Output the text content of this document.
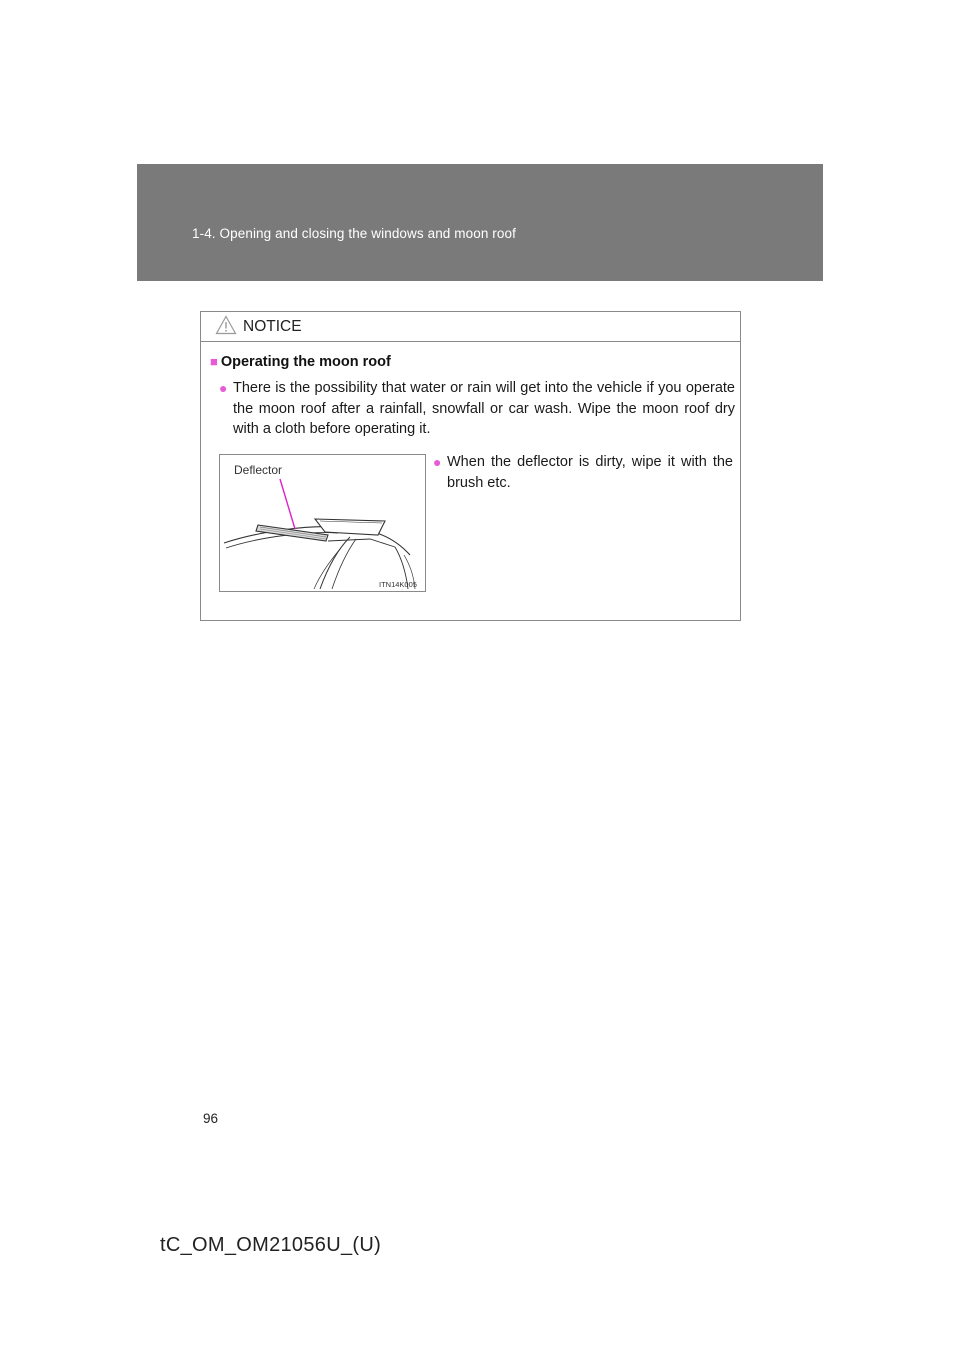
1-4. Opening and closing the windows and moon roof
NOTICE
■ Operating the moon roof
● There is the possibility that water or rain will get into the vehicle if you operate the moon roof after a rainfall, snowfall or car wash. Wipe the moon roof dry with a cloth before operating it.
Deflector
ITN14K005
● When the deflector is dirty, wipe it with the brush etc.
96
tC_OM_OM21056U_(U)
